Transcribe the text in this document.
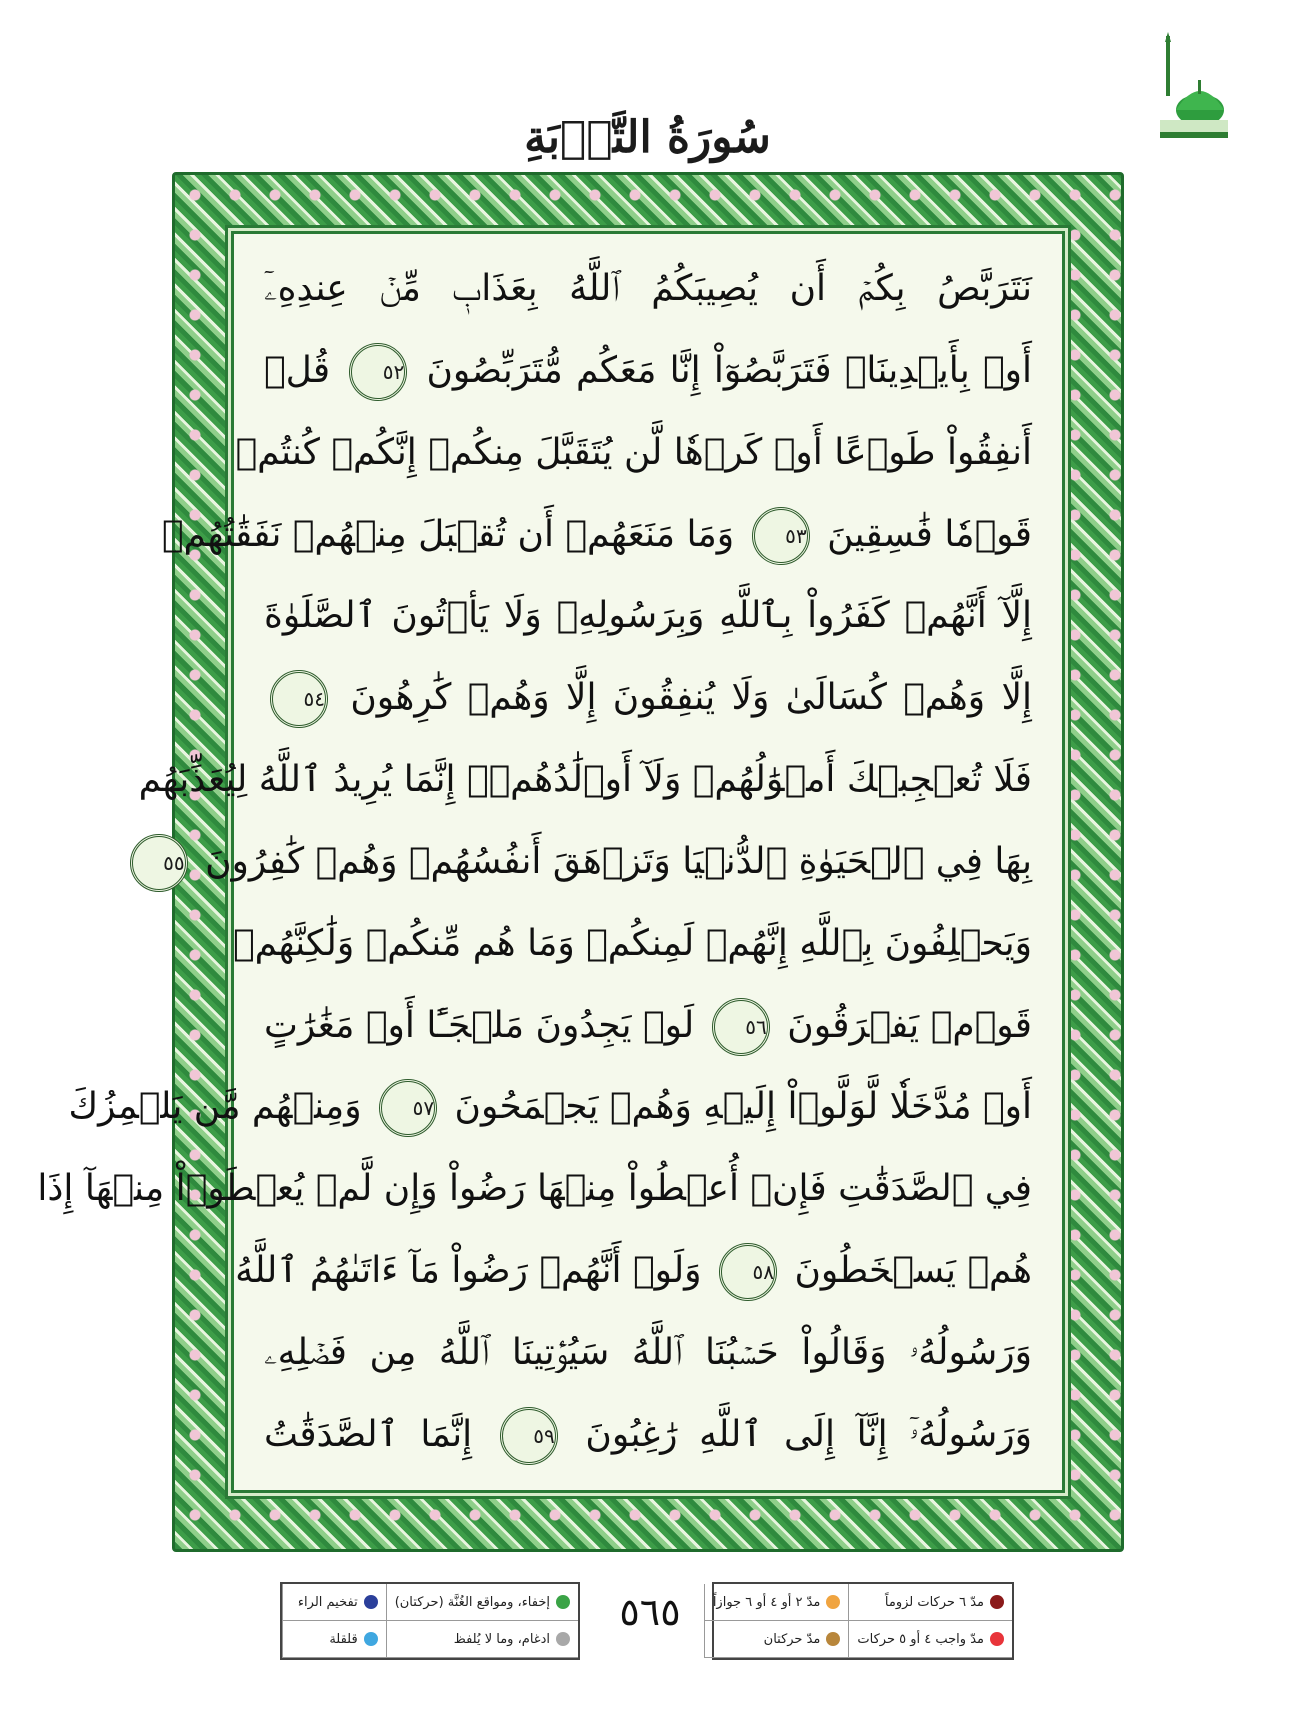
سُورَةُ التَّوۡبَةِ
نَتَرَبَّصُ بِكُمۡ أَن يُصِيبَكُمُ ٱللَّهُ بِعَذَابٖ مِّنۡ عِندِهِۦٓ
أَوۡ بِأَيۡدِينَاۖ فَتَرَبَّصُوٓاْ إِنَّا مَعَكُم مُّتَرَبِّصُونَ ٥٢ قُلۡ
أَنفِقُواْ طَوۡعًا أَوۡ كَرۡهٗا لَّن يُتَقَبَّلَ مِنكُمۡ إِنَّكُمۡ كُنتُمۡ
قَوۡمٗا فَٰسِقِينَ ٥٣ وَمَا مَنَعَهُمۡ أَن تُقۡبَلَ مِنۡهُمۡ نَفَقَٰتُهُمۡ
إِلَّآ أَنَّهُمۡ كَفَرُواْ بِٱللَّهِ وَبِرَسُولِهِۦ وَلَا يَأۡتُونَ ٱلصَّلَوٰةَ
إِلَّا وَهُمۡ كُسَالَىٰ وَلَا يُنفِقُونَ إِلَّا وَهُمۡ كَٰرِهُونَ ٥٤
فَلَا تُعۡجِبۡكَ أَمۡوَٰلُهُمۡ وَلَآ أَوۡلَٰدُهُمۡۚ إِنَّمَا يُرِيدُ ٱللَّهُ لِيُعَذِّبَهُم
بِهَا فِي ٱلۡحَيَوٰةِ ٱلدُّنۡيَا وَتَزۡهَقَ أَنفُسُهُمۡ وَهُمۡ كَٰفِرُونَ ٥٥
وَيَحۡلِفُونَ بِٱللَّهِ إِنَّهُمۡ لَمِنكُمۡ وَمَا هُم مِّنكُمۡ وَلَٰكِنَّهُمۡ
قَوۡمٞ يَفۡرَقُونَ ٥٦ لَوۡ يَجِدُونَ مَلۡجَـًٔا أَوۡ مَغَٰرَٰتٍ
أَوۡ مُدَّخَلٗا لَّوَلَّوۡاْ إِلَيۡهِ وَهُمۡ يَجۡمَحُونَ ٥٧ وَمِنۡهُم مَّن يَلۡمِزُكَ
فِي ٱلصَّدَقَٰتِ فَإِنۡ أُعۡطُواْ مِنۡهَا رَضُواْ وَإِن لَّمۡ يُعۡطَوۡاْ مِنۡهَآ إِذَا
هُمۡ يَسۡخَطُونَ ٥٨ وَلَوۡ أَنَّهُمۡ رَضُواْ مَآ ءَاتَىٰهُمُ ٱللَّهُ
وَرَسُولُهُۥ وَقَالُواْ حَسۡبُنَا ٱللَّهُ سَيُؤۡتِينَا ٱللَّهُ مِن فَضۡلِهِۦ
وَرَسُولُهُۥٓ إِنَّآ إِلَى ٱللَّهِ رَٰغِبُونَ ٥٩ إِنَّمَا ٱلصَّدَقَٰتُ
٥٦٥
إخفاء، ومواقع الغُنَّة (حركتان)
تفخيم الراء
ادغام، وما لا يُلفظ
قلقلة
مدّ ٦ حركات لزوماً
مدّ ٢ أو ٤ أو ٦ جوازاً
مدّ واجب ٤ أو ٥ حركات
مدّ حركتان
